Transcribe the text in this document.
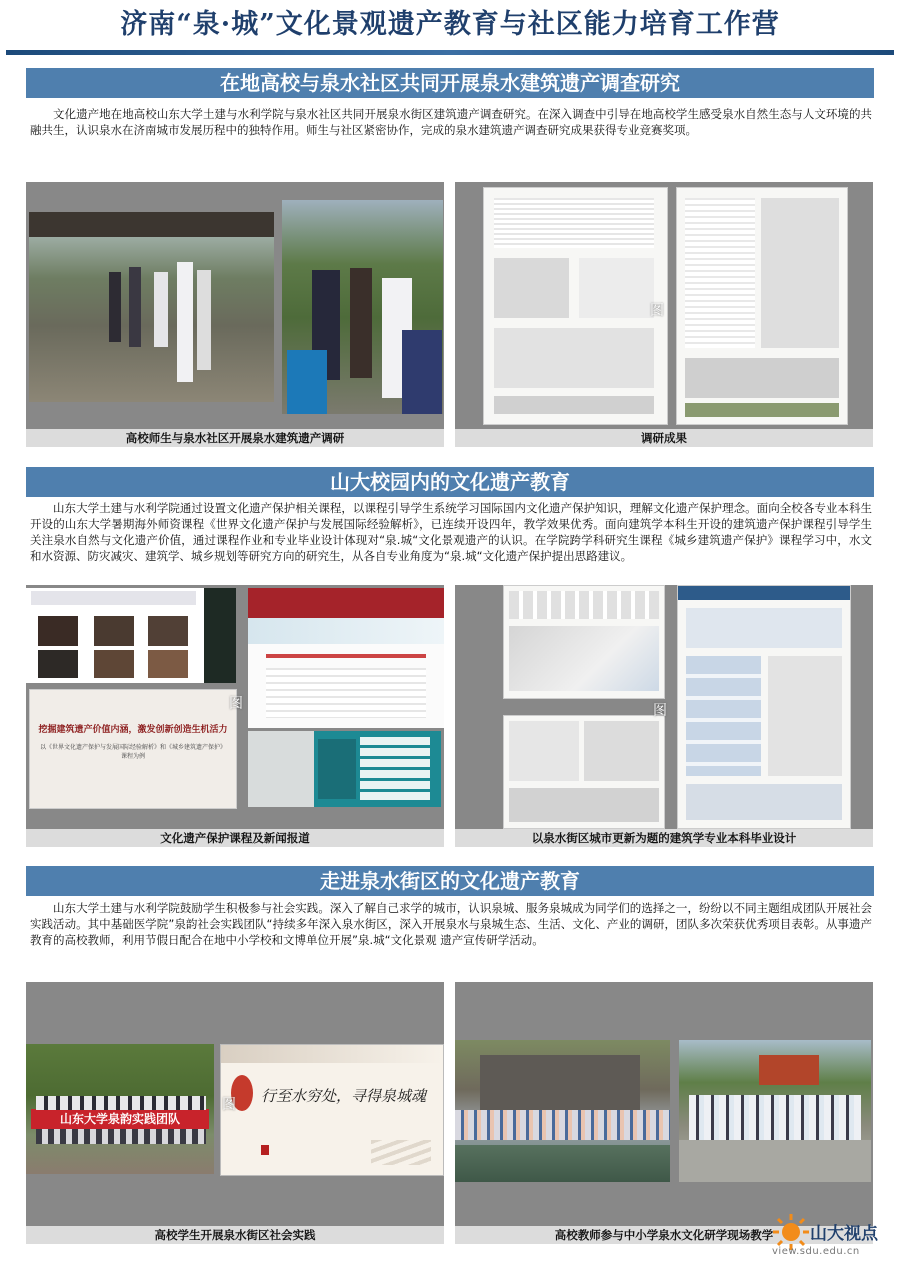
济南“泉·城”文化景观遗产教育与社区能力培育工作营
在地高校与泉水社区共同开展泉水建筑遗产调查研究
文化遗产地在地高校山东大学土建与水利学院与泉水社区共同开展泉水街区建筑遗产调查研究。在深入调查中引导在地高校学生感受泉水自然生态与人文环境的共融共生，认识泉水在济南城市发展历程中的独特作用。师生与社区紧密协作，完成的泉水建筑遗产调查研究成果获得专业竞赛奖项。
高校师生与泉水社区开展泉水建筑遗产调研
图
调研成果
山大校园内的文化遗产教育
山东大学土建与水利学院通过设置文化遗产保护相关课程，以课程引导学生系统学习国际国内文化遗产保护知识，理解文化遗产保护理念。面向全校各专业本科生开设的山东大学暑期海外师资课程《世界文化遗产保护与发展国际经验解析》，已连续开设四年，教学效果优秀。面向建筑学本科生开设的建筑遗产保护课程引导学生关注泉水自然与文化遗产价值，通过课程作业和专业毕业设计体现对“泉.城“文化景观遗产的认识。在学院跨学科研究生课程《城乡建筑遗产保护》课程学习中，水文和水资源、防灾减灾、建筑学、城乡规划等研究方向的研究生，从各自专业角度为“泉.城“文化遗产保护提出思路建议。
挖掘建筑遗产价值内涵，激发创新创造生机活力
以《世界文化遗产保护与发展国际经验解析》和《城乡建筑遗产保护》课程为例
图
文化遗产保护课程及新闻报道
图
以泉水街区城市更新为题的建筑学专业本科毕业设计
走进泉水街区的文化遗产教育
山东大学土建与水利学院鼓励学生积极参与社会实践。深入了解自己求学的城市，认识泉城、服务泉城成为同学们的选择之一，纷纷以不同主题组成团队开展社会实践活动。其中基础医学院”泉韵社会实践团队“持续多年深入泉水街区，深入开展泉水与泉城生态、生活、文化、产业的调研，团队多次荣获优秀项目表彰。从事遗产教育的高校教师，利用节假日配合在地中小学校和文博单位开展”泉.城“文化景观 遗产宣传研学活动。
山东大学泉韵实践团队
行至水穷处，寻得泉城魂
图
高校学生开展泉水街区社会实践	高校教师参与中小学泉水文化研学现场教学	山大视点
view.sdu.edu.cn
